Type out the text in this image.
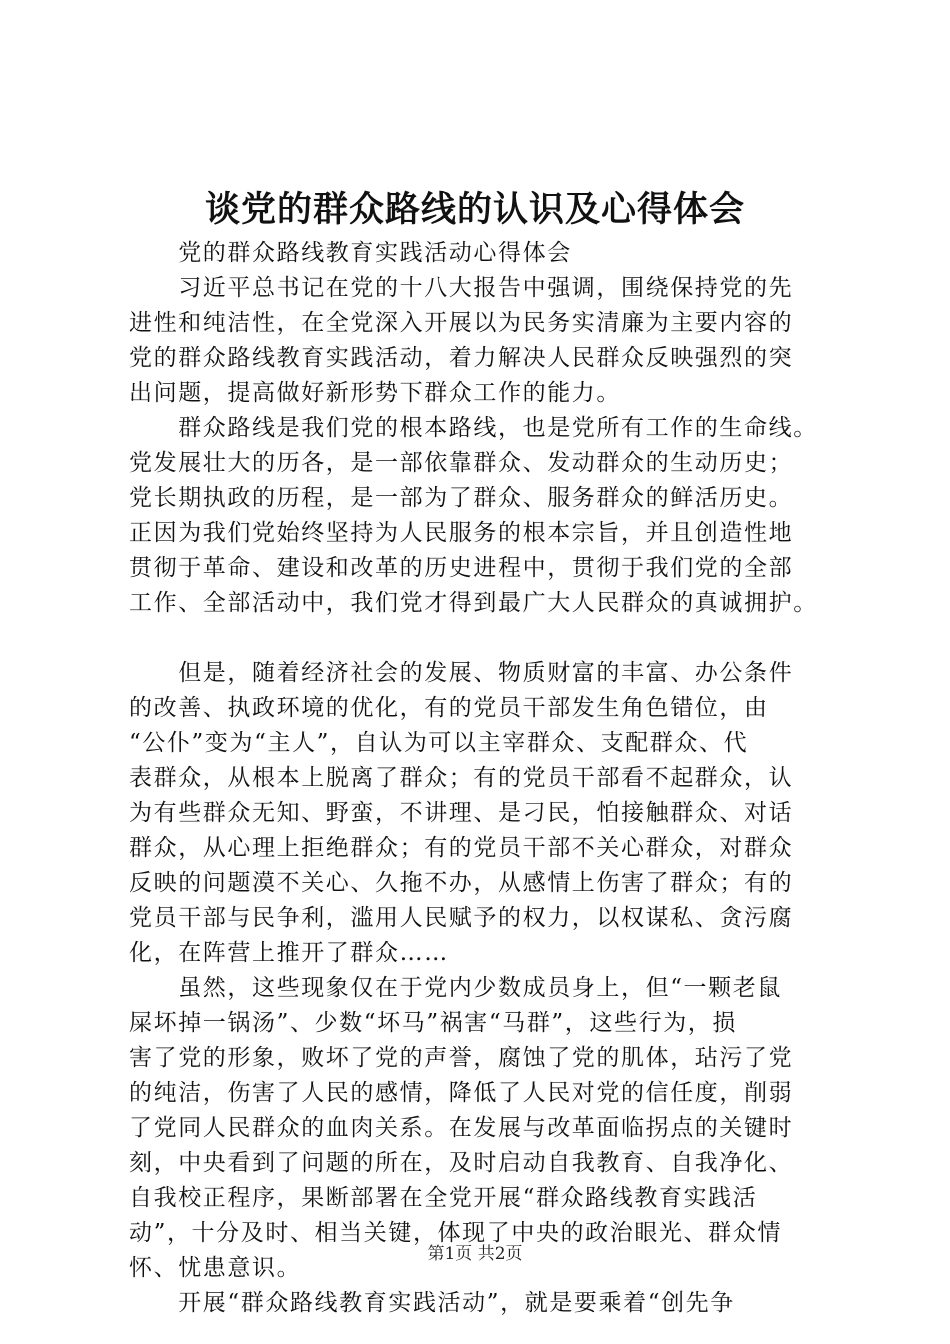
谈党的群众路线的认识及心得体会
　　党的群众路线教育实践活动心得体会
　　习近平总书记在党的十八大报告中强调，围绕保持党的先
进性和纯洁性，在全党深入开展以为民务实清廉为主要内容的
党的群众路线教育实践活动，着力解决人民群众反映强烈的突
出问题，提高做好新形势下群众工作的能力。
　　群众路线是我们党的根本路线，也是党所有工作的生命线。
党发展壮大的历各，是一部依靠群众、发动群众的生动历史；
党长期执政的历程，是一部为了群众、服务群众的鲜活历史。
正因为我们党始终坚持为人民服务的根本宗旨，并且创造性地
贯彻于革命、建设和改革的历史进程中，贯彻于我们党的全部
工作、全部活动中，我们党才得到最广大人民群众的真诚拥护。
　　但是，随着经济社会的发展、物质财富的丰富、办公条件
的改善、执政环境的优化，有的党员干部发生角色错位，由
“公仆”变为“主人”，自认为可以主宰群众、支配群众、代
表群众，从根本上脱离了群众；有的党员干部看不起群众，认
为有些群众无知、野蛮，不讲理、是刁民，怕接触群众、对话
群众，从心理上拒绝群众；有的党员干部不关心群众，对群众
反映的问题漠不关心、久拖不办，从感情上伤害了群众；有的
党员干部与民争利，滥用人民赋予的权力，以权谋私、贪污腐
化，在阵营上推开了群众……
　　虽然，这些现象仅在于党内少数成员身上，但“一颗老鼠
屎坏掉一锅汤”、少数“坏马”祸害“马群”，这些行为，损
害了党的形象，败坏了党的声誉，腐蚀了党的肌体，玷污了党
的纯洁，伤害了人民的感情，降低了人民对党的信任度，削弱
了党同人民群众的血肉关系。在发展与改革面临拐点的关键时
刻，中央看到了问题的所在，及时启动自我教育、自我净化、
自我校正程序，果断部署在全党开展“群众路线教育实践活
动”，十分及时、相当关键，体现了中央的政治眼光、群众情
怀、忧患意识。
　　开展“群众路线教育实践活动”，就是要乘着“创先争
第1页 共2页
